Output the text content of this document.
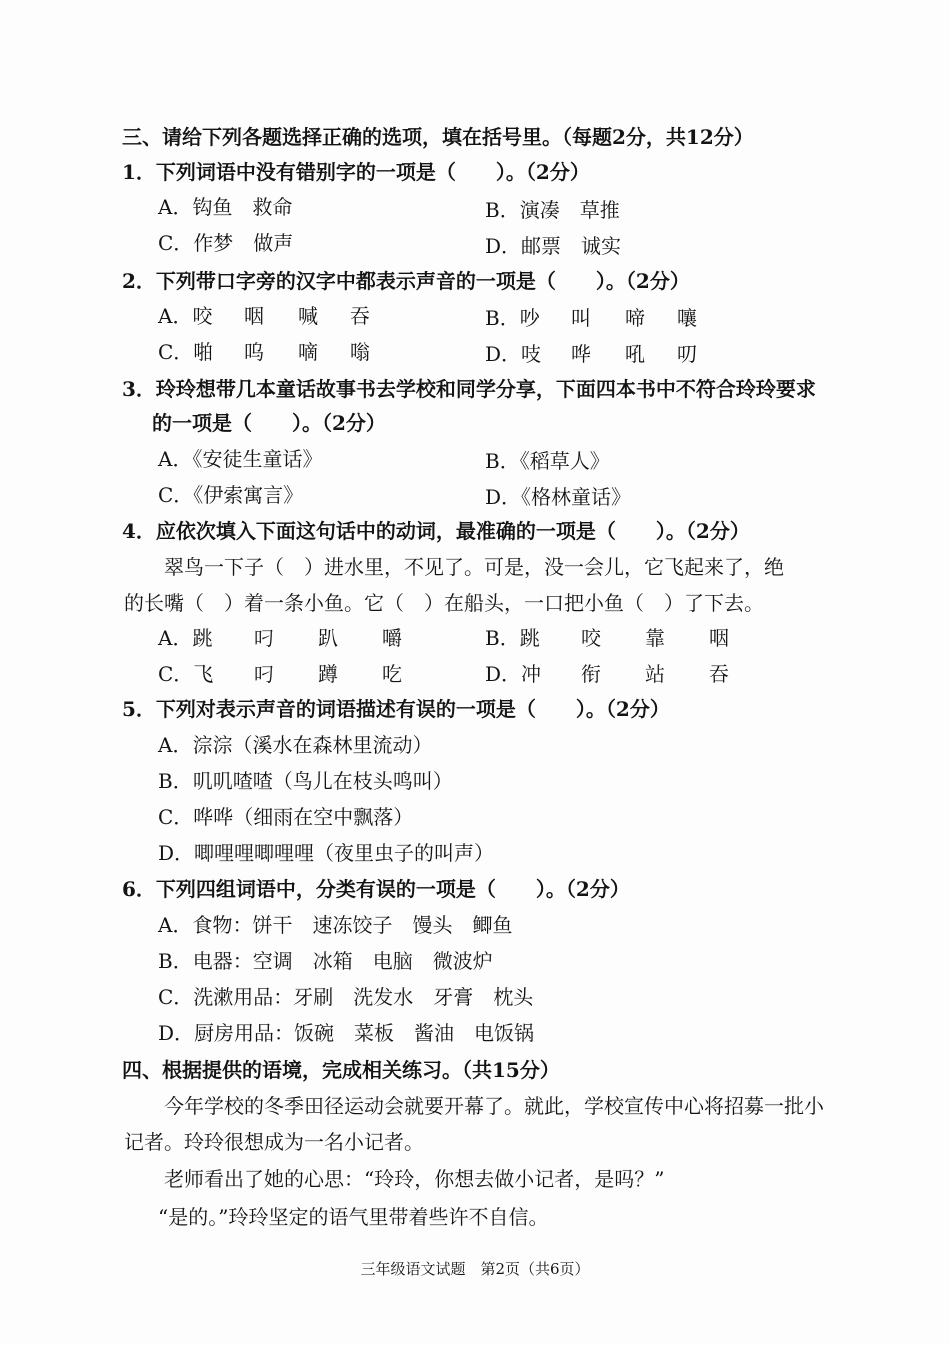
三、请给下列各题选择正确的选项，填在括号里。（每题2分，共12分）
1．下列词语中没有错别字的一项是（　　）。（2分）
A．钩鱼　救命	B．演凑　草推
C．作梦　做声	D．邮票　诚实
2．下列带口字旁的汉字中都表示声音的一项是（　　）。（2分）
A．咬 咽 喊 吞	B．吵 叫 啼 嚷
C．啪 呜 嘀 嗡	D．吱 哗 吼 叨
3．玲玲想带几本童话故事书去学校和同学分享，下面四本书中不符合玲玲要求
的一项是（　　）。（2分）
A．《安徒生童话》	B．《稻草人》
C．《伊索寓言》	D．《格林童话》
4．应依次填入下面这句话中的动词，最准确的一项是（　　）。（2分）
翠鸟一下子（　）进水里，不见了。可是，没一会儿，它飞起来了，绝
的长嘴（　）着一条小鱼。它（　）在船头，一口把小鱼（　）了下去。
A．跳 叼 趴 嚼	B．跳 咬 靠 咽
C．飞 叼 蹲 吃	D．冲 衔 站 吞
5．下列对表示声音的词语描述有误的一项是（　　）。（2分）
A．淙淙（溪水在森林里流动）
B．叽叽喳喳（鸟儿在枝头鸣叫）
C．哗哗（细雨在空中飘落）
D．唧哩哩唧哩哩（夜里虫子的叫声）
6．下列四组词语中，分类有误的一项是（　　）。（2分）
A．食物：饼干　速冻饺子　馒头　鲫鱼
B．电器：空调　冰箱　电脑　微波炉
C．洗漱用品：牙刷　洗发水　牙膏　枕头
D．厨房用品：饭碗　菜板　酱油　电饭锅
四、根据提供的语境，完成相关练习。（共15分）
今年学校的冬季田径运动会就要开幕了。就此，学校宣传中心将招募一批小
记者。玲玲很想成为一名小记者。
老师看出了她的心思：“玲玲，你想去做小记者，是吗？”
“是的。”玲玲坚定的语气里带着些许不自信。
三年级语文试题　第2页（共6页）
